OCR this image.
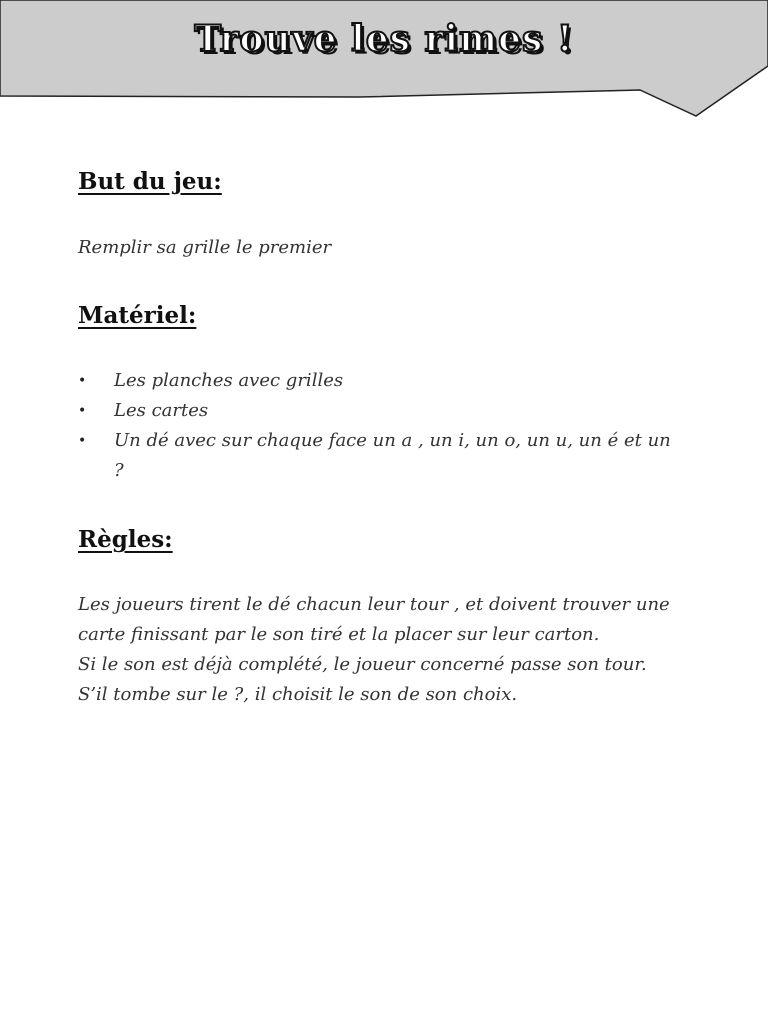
Trouve les rimes !
But du jeu:

Remplir sa grille le premier

Matériel:
• Les planches avec grilles
• Les cartes
• Un dé avec sur chaque face un a , un i, un o, un u, un é et un ?
Règles:

Les joueurs tirent le dé chacun leur tour , et doivent trouver une carte finissant par le son tiré et la placer sur leur carton.

Si le son est déjà complété, le joueur concerné passe son tour.

S’il tombe sur le ?, il choisit le son de son choix.
